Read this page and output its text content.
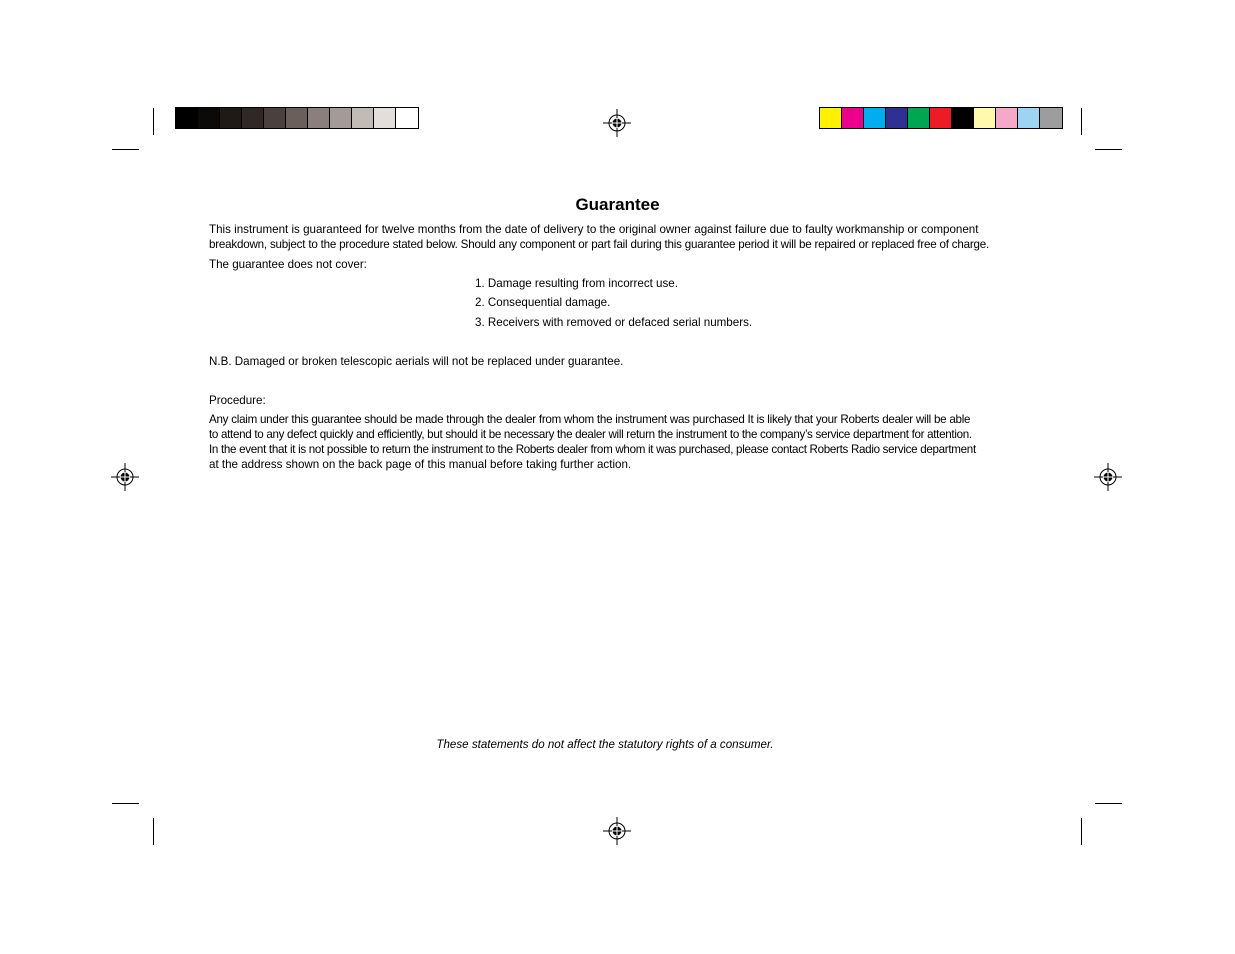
Guarantee

This instrument is guaranteed for twelve months from the date of delivery to the original owner against failure due to faulty workmanship or component

breakdown, subject to the procedure stated below. Should any component or part fail during this guarantee period it will be repaired or replaced free of charge.

The guarantee does not cover:

1. Damage resulting from incorrect use.

2. Consequential damage.

3. Receivers with removed or defaced serial numbers.

N.B. Damaged or broken telescopic aerials will not be replaced under guarantee.

Procedure:

Any claim under this guarantee should be made through the dealer from whom the instrument was purchased It is likely that your Roberts dealer will be able

to attend to any defect quickly and efficiently, but should it be necessary the dealer will return the instrument to the company’s service department for attention.

In the event that it is not possible to return the instrument to the Roberts dealer from whom it was purchased, please contact Roberts Radio service department

at the address shown on the back page of this manual before taking further action.

These statements do not affect the statutory rights of a consumer.
